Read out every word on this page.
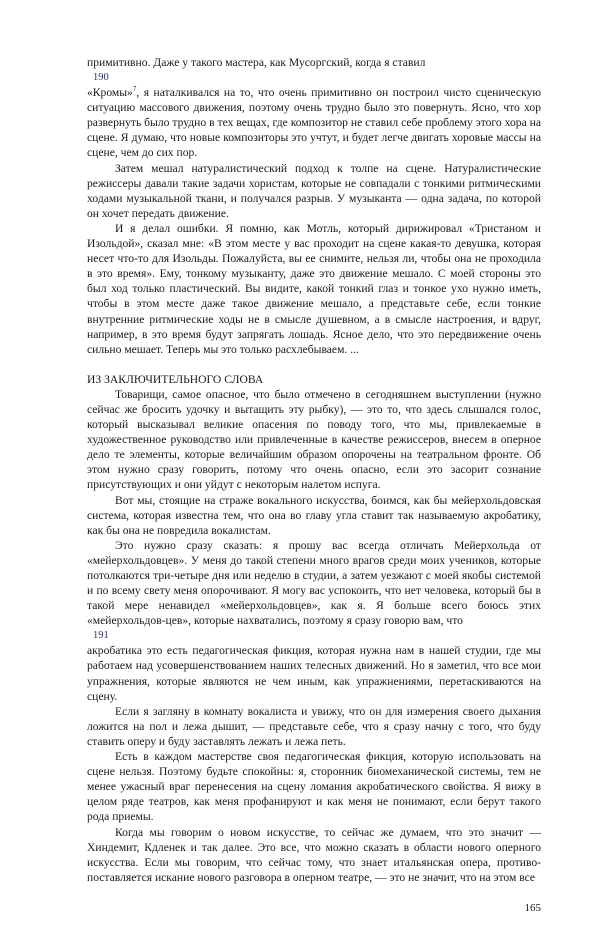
примитивно. Даже у такого мастера, как Мусоргский, когда я ставил

190

«Кромы»$^7$, я наталкивался на то, что очень примитивно он построил чисто сценическую ситуацию массового движения, поэтому очень трудно было это повернуть. Ясно, что хор развернуть было трудно в тех вещах, где композитор не ставил себе проблему этого хора на сцене. Я думаю, что новые композиторы это учтут, и будет легче двигать хоровые массы на сцене, чем до сих пор.

Затем мешал натуралистический подход к толпе на сцене. Натуралистические режиссеры давали такие задачи хористам, которые не совпадали с тонкими ритмическими ходами музыкальной ткани, и получался разрыв. У музыканта — одна задача, по которой он хочет передать движение.

И я делал ошибки. Я помню, как Мотль, который дирижировал «Тристаном и Изольдой», сказал мне: «В этом месте у вас проходит на сцене какая-то девушка, которая несет что-то для Изольды. Пожалуйста, вы ее снимите, нельзя ли, чтобы она не проходила в это время». Ему, тонкому музыканту, даже это движение мешало. С моей стороны это был ход только пластический. Вы видите, какой тонкий глаз и тонкое ухо нужно иметь, чтобы в этом месте даже такое движение мешало, а представьте себе, если тонкие внутренние ритмические ходы не в смысле душевном, а в смысле настроения, и вдруг, например, в это время будут запрягать лошадь. Ясное дело, что это передвижение очень сильно мешает. Теперь мы это только расхлебываем. ...

ИЗ ЗАКЛЮЧИТЕЛЬНОГО СЛОВА

Товарищи, самое опасное, что было отмечено в сегодняшнем выступлении (нужно сейчас же бросить удочку и вытащить эту рыбку), — это то, что здесь слышался голос, который высказывал великие опасения по поводу того, что мы, привлекаемые в художественное руководство или привлеченные в качестве режиссеров, внесем в оперное дело те элементы, которые величайшим образом опорочены на театральном фронте. Об этом нужно сразу говорить, потому что очень опасно, если это засорит сознание присутствующих и они уйдут с некоторым налетом испуга.

Вот мы, стоящие на страже вокального искусства, боимся, как бы мейерхольдовская система, которая известна тем, что она во главу угла ставит так называемую акробатику, как бы она не повредила вокалистам.

Это нужно сразу сказать: я прошу вас всегда отличать Мейерхольда от «мейерхольдовцев». У меня до такой степени много врагов среди моих учеников, которые потолкаются три-четыре дня или неделю в студии, а затем уезжают с моей якобы системой и по всему свету меня опорочивают. Я могу вас успокоить, что нет человека, который бы в такой мере ненавидел «мейерхольдовцев», как я. Я больше всего боюсь этих «мейерхольдов-цев», которые нахватались, поэтому я сразу говорю вам, что

191

акробатика это есть педагогическая фикция, которая нужна нам в нашей студии, где мы работаем над усовершенствованием наших телесных движений. Но я заметил, что все мои упражнения, которые являются не чем иным, как упражнениями, перетаскиваются на сцену.

Если я загляну в комнату вокалиста и увижу, что он для измерения своего дыхания ложится на пол и лежа дышит, — представьте себе, что я сразу начну с того, что буду ставить оперу и буду заставлять лежать и лежа петь.

Есть в каждом мастерстве своя педагогическая фикция, которую использовать на сцене нельзя. Поэтому будьте спокойны: я, сторонник биомеханической системы, тем не менее ужасный враг перенесения на сцену ломания акробатического свойства. Я вижу в целом ряде театров, как меня профанируют и как меня не понимают, если берут такого рода приемы.

Когда мы говорим о новом искусстве, то сейчас же думаем, что это значит — Хиндемит, Кдленек и так далее. Это все, что можно сказать в области нового оперного искусства. Если мы говорим, что сейчас тому, что знает итальянская опера, противо-поставляется искание нового разговора в оперном театре, — это не значит, что на этом все

165
